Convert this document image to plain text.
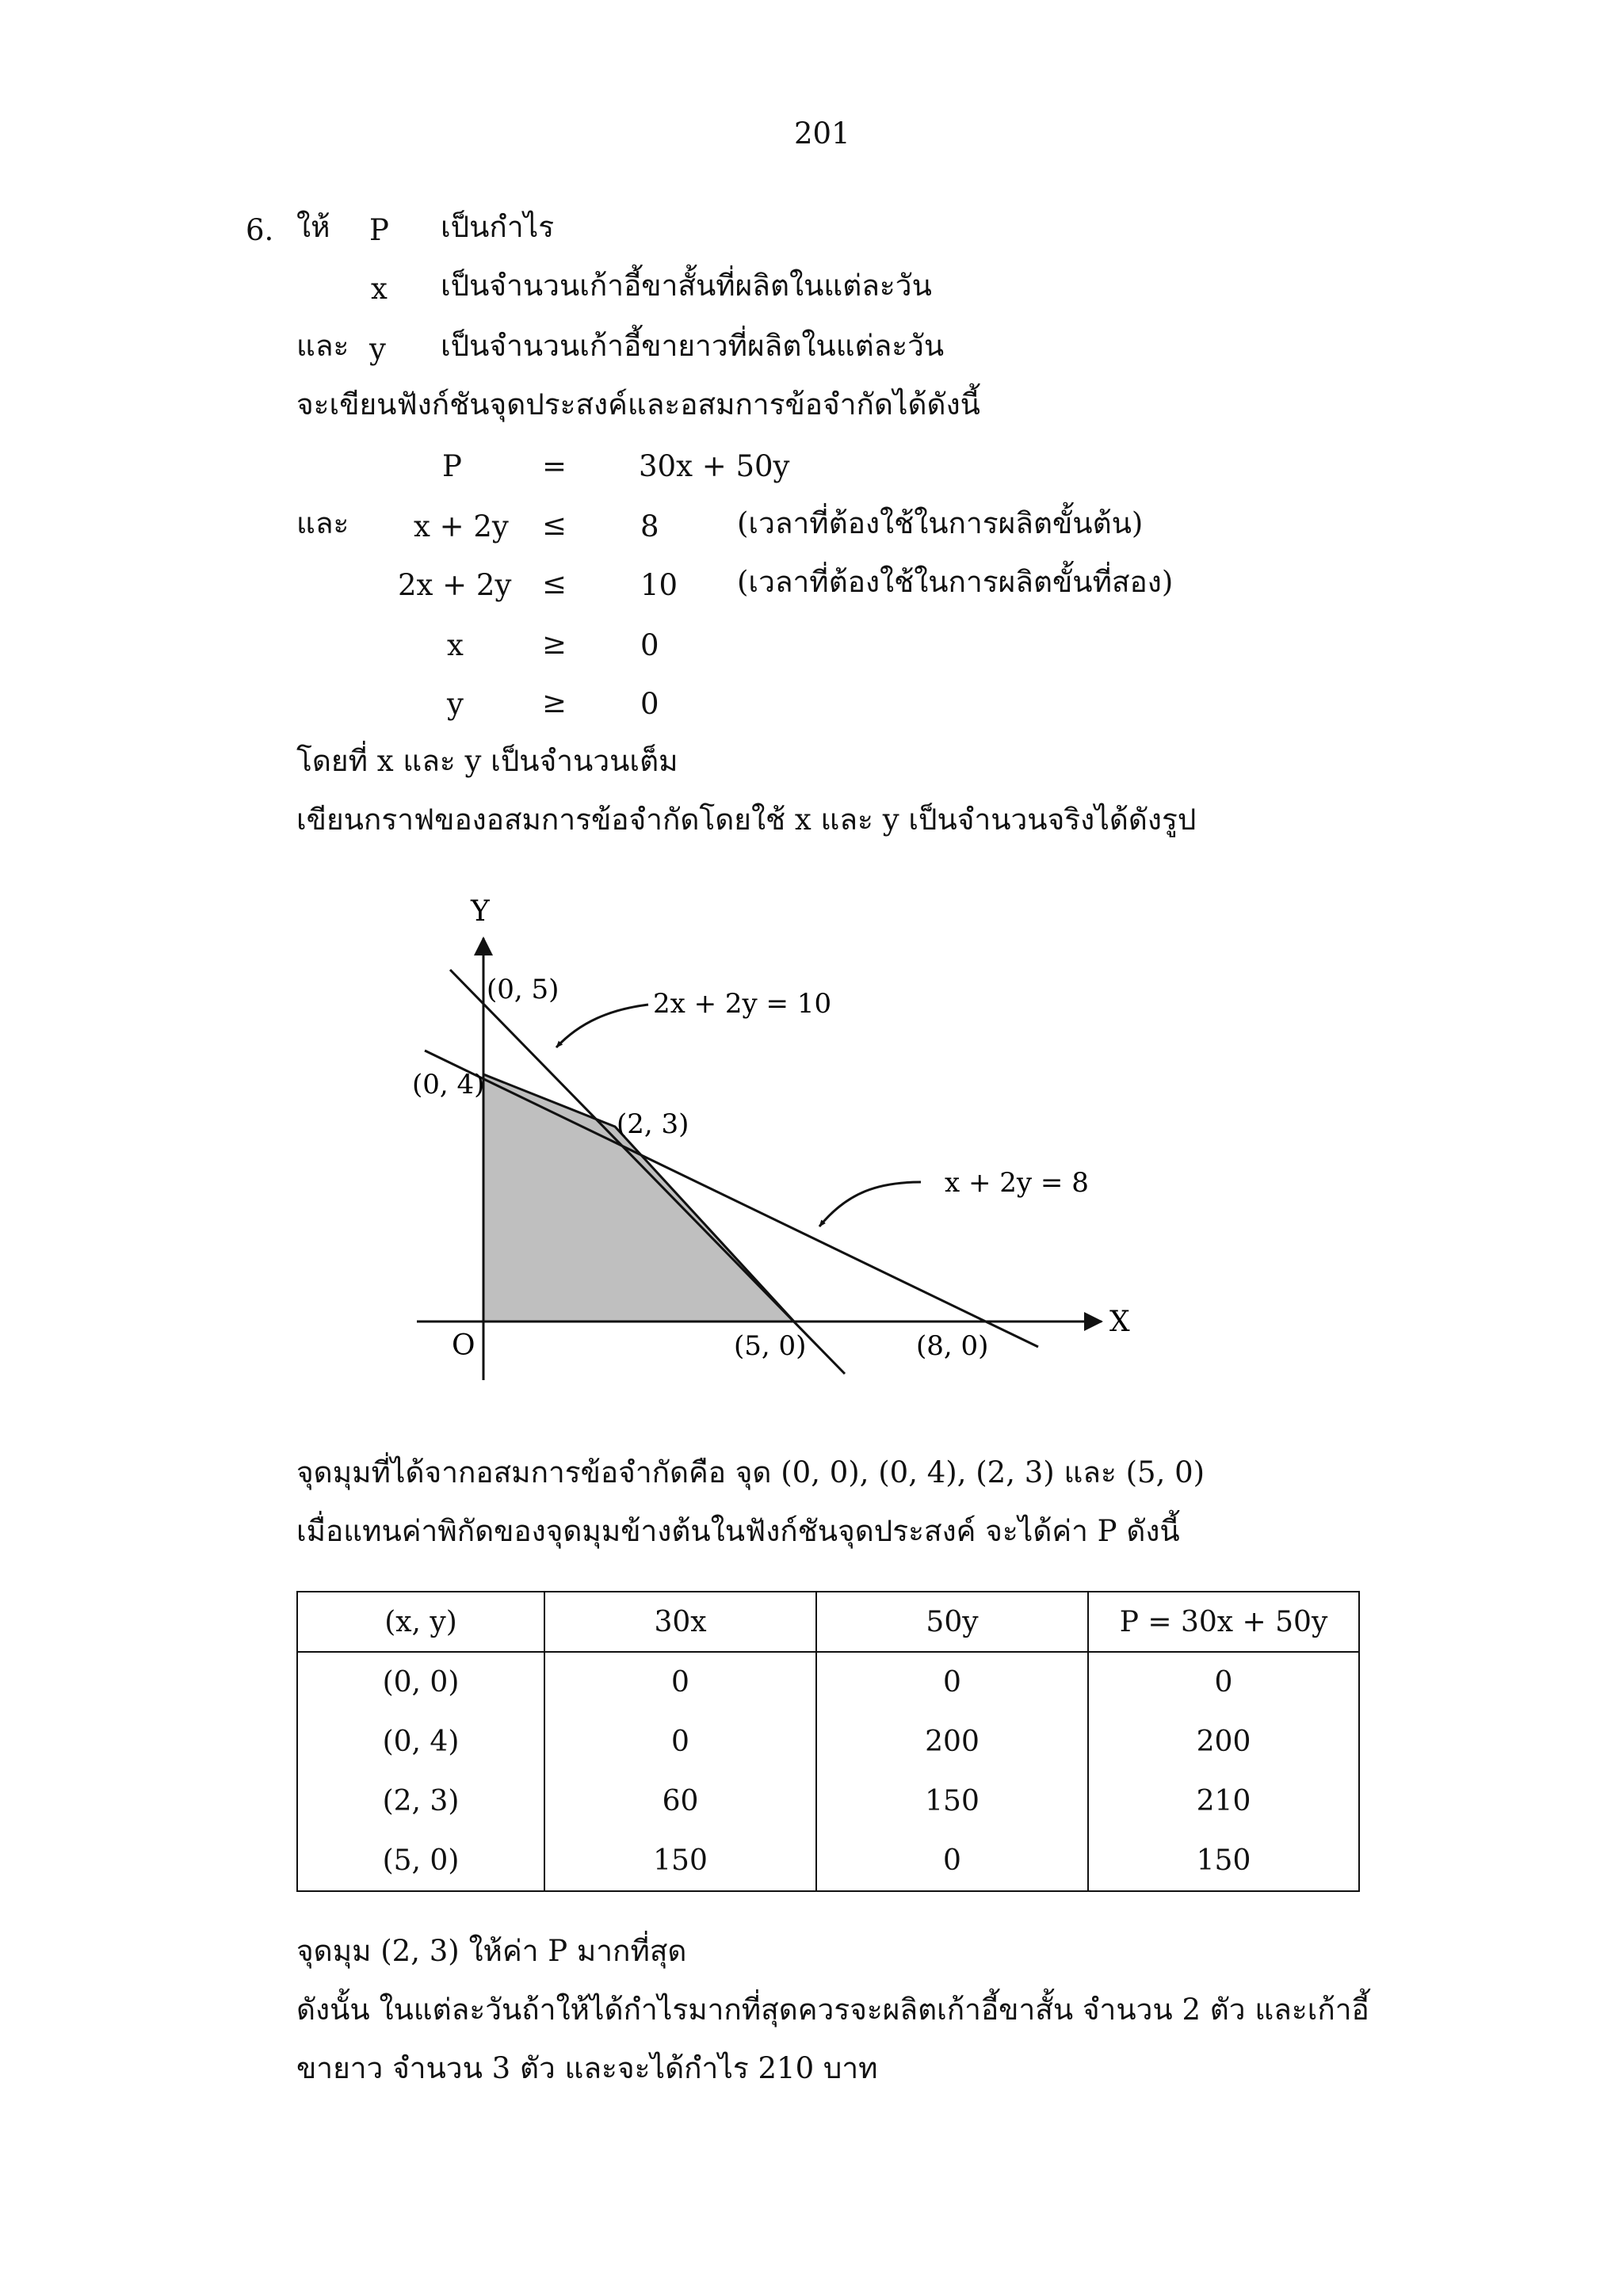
201
6. ให้ P เป็นกำไร
x เป็นจำนวนเก้าอี้ขาสั้นที่ผลิตในแต่ละวัน
และ y เป็นจำนวนเก้าอี้ขายาวที่ผลิตในแต่ละวัน
จะเขียนฟังก์ชันจุดประสงค์และอสมการข้อจำกัดได้ดังนี้
P	= 30x + 50y
และ x + 2y ≤	8	(เวลาที่ต้องใช้ในการผลิตขั้นต้น)
2x + 2y ≤	10 (เวลาที่ต้องใช้ในการผลิตขั้นที่สอง)
x	≥	0
y	≥	0
โดยที่ x และ y เป็นจำนวนเต็ม
เขียนกราฟของอสมการข้อจำกัดโดยใช้ x และ y เป็นจำนวนจริงได้ดังรูป
Y
X
O
(0, 5)
(0, 4)
(2, 3)
(5, 0)	(8, 0)
2x + 2y = 10
x + 2y = 8
จุดมุมที่ได้จากอสมการข้อจำกัดคือ จุด (0, 0), (0, 4), (2, 3) และ (5, 0)
เมื่อแทนค่าพิกัดของจุดมุมข้างต้นในฟังก์ชันจุดประสงค์ จะได้ค่า P ดังนี้
(x, y)	30x	50y	P = 30x + 50y
(0, 0)	0	0	0
(0, 4)	0	200	200
(2, 3)	60	150	210
(5, 0)	150	0	150
จุดมุม (2, 3) ให้ค่า P มากที่สุด
ดังนั้น ในแต่ละวันถ้าให้ได้กำไรมากที่สุดควรจะผลิตเก้าอี้ขาสั้น จำนวน 2 ตัว และเก้าอี้
ขายาว จำนวน 3 ตัว และจะได้กำไร 210 บาท
